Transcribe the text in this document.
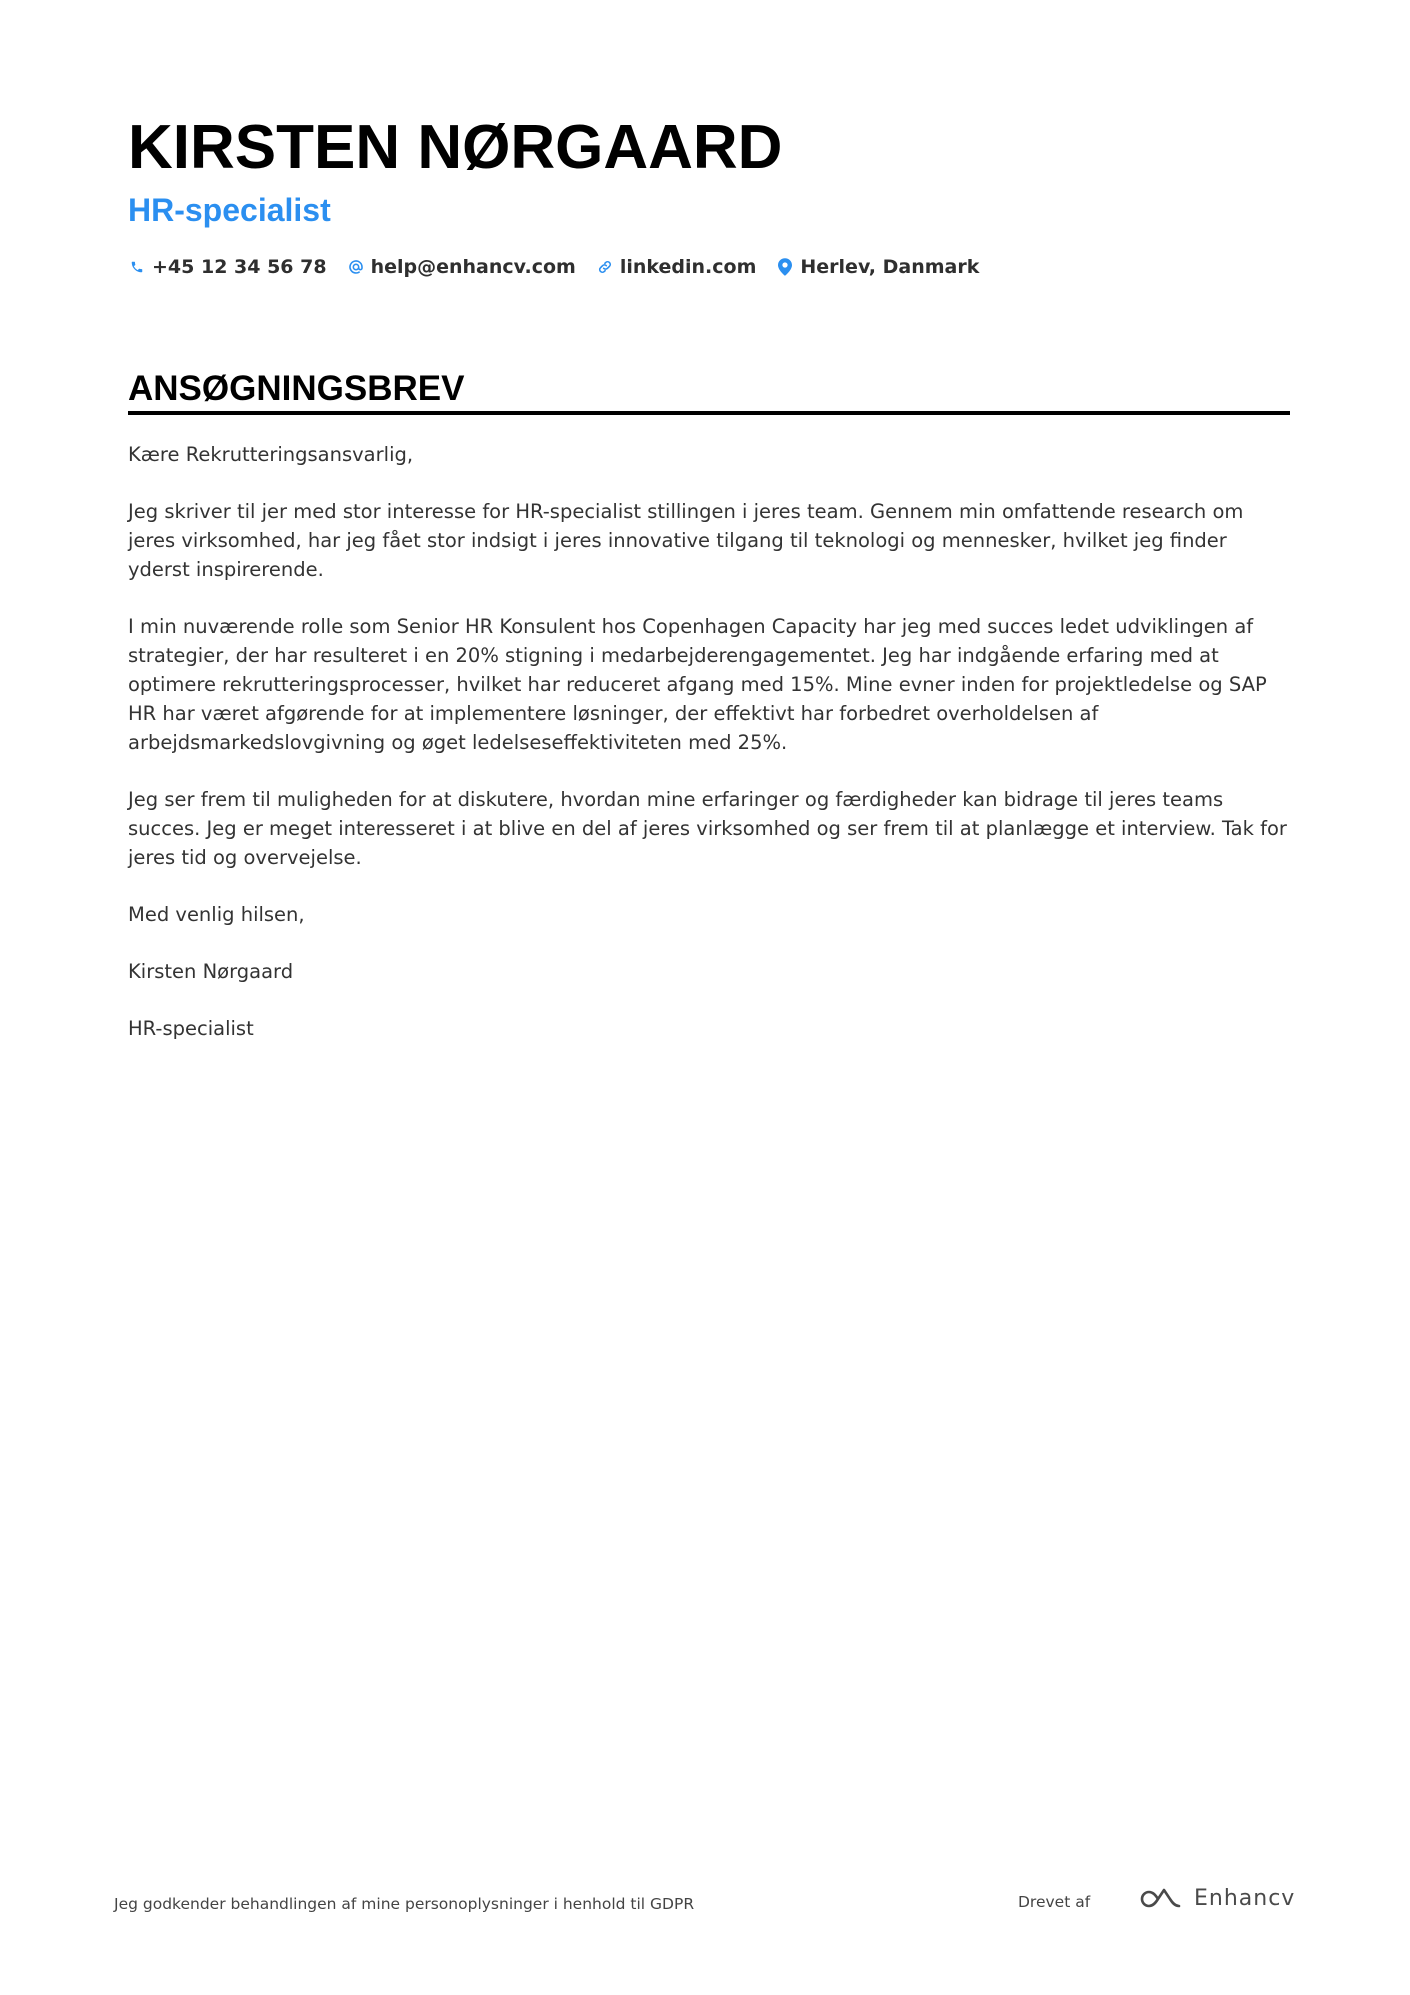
KIRSTEN NØRGAARD
HR-specialist
+45 12 34 56 78 help@enhancv.com linkedin.com Herlev, Danmark
ANSØGNINGSBREV

Kære Rekrutteringsansvarlig,

Jeg skriver til jer med stor interesse for HR-specialist stillingen i jeres team. Gennem min omfattende research om jeres virksomhed, har jeg fået stor indsigt i jeres innovative tilgang til teknologi og mennesker, hvilket jeg finder yderst inspirerende.

I min nuværende rolle som Senior HR Konsulent hos Copenhagen Capacity har jeg med succes ledet udviklingen af strategier, der har resulteret i en 20% stigning i medarbejderengagementet. Jeg har indgående erfaring med at optimere rekrutteringsprocesser, hvilket har reduceret afgang med 15%. Mine evner inden for projektledelse og SAP HR har været afgørende for at implementere løsninger, der effektivt har forbedret overholdelsen af arbejdsmarkedslovgivning og øget ledelseseffektiviteten med 25%.

Jeg ser frem til muligheden for at diskutere, hvordan mine erfaringer og færdigheder kan bidrage til jeres teams succes. Jeg er meget interesseret i at blive en del af jeres virksomhed og ser frem til at planlægge et interview. Tak for jeres tid og overvejelse.

Med venlig hilsen,

Kirsten Nørgaard

HR-specialist

Jeg godkender behandlingen af mine personoplysninger i henhold til GDPR	Drevet af	Enhancv
